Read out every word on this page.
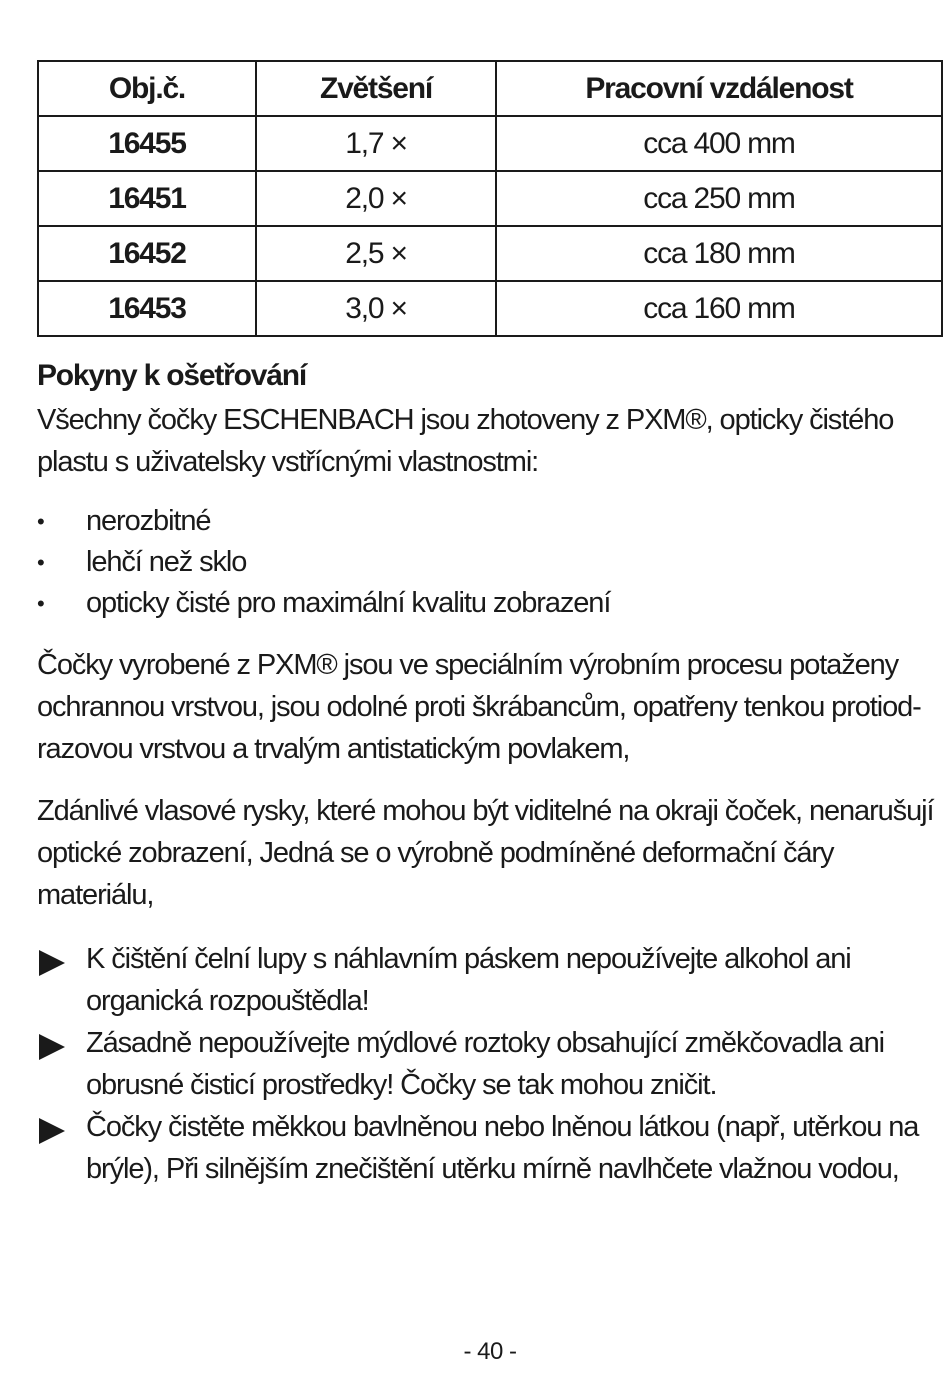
Obj.č.	Zvětšení	Pracovní vzdálenost
16455	1,7 ×	cca 400 mm
16451	2,0 ×	cca 250 mm
16452	2,5 ×	cca 180 mm
16453	3,0 ×	cca 160 mm
Pokyny k ošetřování

Všechny čočky ESCHENBACH jsou zhotoveny z PXM®, opticky čistého plastu s uživatelsky vstřícnými vlastnostmi:

• nerozbitné
• lehčí než sklo
• opticky čisté pro maximální kvalitu zobrazení

Čočky vyrobené z PXM® jsou ve speciálním výrobním procesu potaženy ochrannou vrstvou, jsou odolné proti škrábancům, opatřeny tenkou protiodrazovou vrstvou a trvalým antistatickým povlakem,

Zdánlivé vlasové rysky, které mohou být viditelné na okraji čoček, nenarušují optické zobrazení, Jedná se o výrobně podmíněné deformační čáry materiálu,

K čištění čelní lupy s náhlavním páskem nepoužívejte alkohol ani organická rozpouštědla!
Zásadně nepoužívejte mýdlové roztoky obsahující změkčovadla ani obrusné čisticí prostředky! Čočky se tak mohou zničit.
Čočky čistěte měkkou bavlněnou nebo lněnou látkou (např, utěrkou na brýle), Při silnějším znečištění utěrku mírně navlhčete vlažnou vodou,
- 40 -
